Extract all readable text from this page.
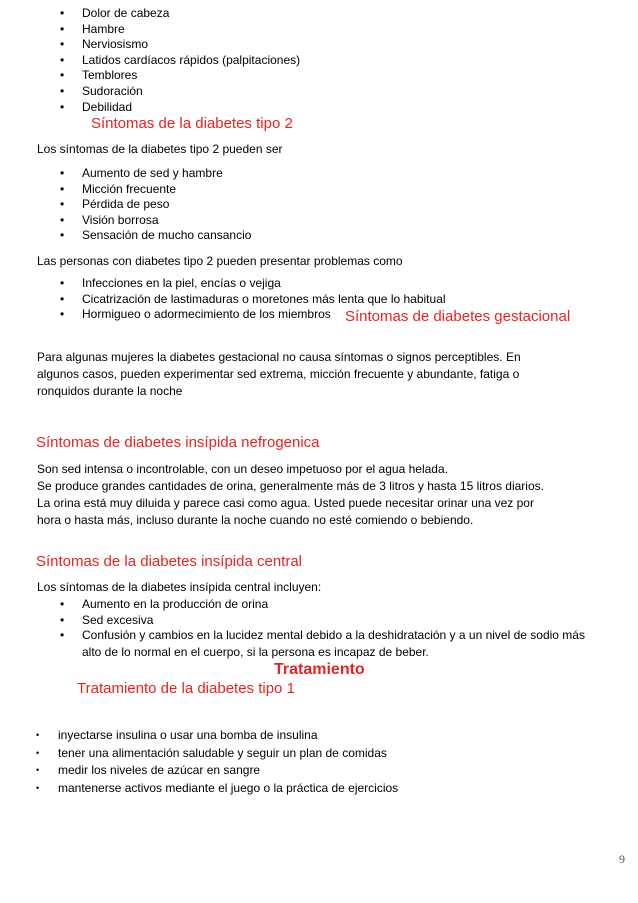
• Dolor de cabeza
• Hambre
• Nerviosismo
• Latidos cardíacos rápidos (palpitaciones)
• Temblores
• Sudoración
• Debilidad
Síntomas de la diabetes tipo 2
Los síntomas de la diabetes tipo 2 pueden ser
• Aumento de sed y hambre
• Micción frecuente
• Pérdida de peso
• Visión borrosa
• Sensación de mucho cansancio
Las personas con diabetes tipo 2 pueden presentar problemas como
• Infecciones en la piel, encías o vejiga
• Cicatrización de lastimaduras o moretones más lenta que lo habitual
• Hormigueo o adormecimiento de los miembros Síntomas de diabetes gestacional
Para algunas mujeres la diabetes gestacional no causa síntomas o signos perceptibles. En
algunos casos, pueden experimentar sed extrema, micción frecuente y abundante, fatiga o
ronquidos durante la noche
Síntomas de diabetes insípida nefrogenica
Son sed intensa o incontrolable, con un deseo impetuoso por el agua helada.
Se produce grandes cantidades de orina, generalmente más de 3 litros y hasta 15 litros diarios.
La orina está muy diluida y parece casi como agua. Usted puede necesitar orinar una vez por
hora o hasta más, incluso durante la noche cuando no esté comiendo o bebiendo.
Síntomas de la diabetes insípida central
Los síntomas de la diabetes insípida central incluyen:
• Aumento en la producción de orina
• Sed excesiva
• Confusión y cambios en la lucidez mental debido a la deshidratación y a un nivel de sodio más
alto de lo normal en el cuerpo, si la persona es incapaz de beber.
Tratamiento
Tratamiento de la diabetes tipo 1
• inyectarse insulina o usar una bomba de insulina
• tener una alimentación saludable y seguir un plan de comidas
• medir los niveles de azúcar en sangre
• mantenerse activos mediante el juego o la práctica de ejercicios
9
